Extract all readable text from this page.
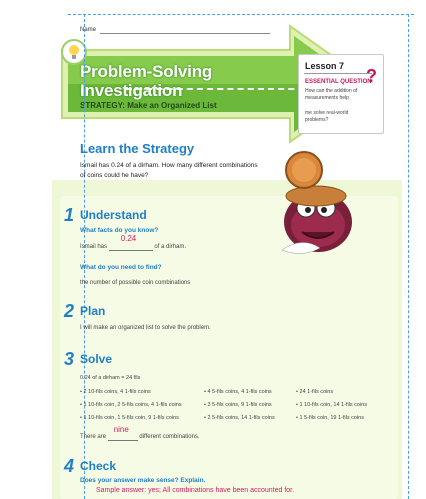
Name
Problem-Solving
Investigation
STRATEGY: Make an Organized List
Lesson 7
ESSENTIAL QUESTION
?
How can the addition of measurements help
me solve real-world problems?
Learn the Strategy
Ismail has 0.24 of a dirham. How many different combinations of coins could he have?
1 Understand
What facts do you know?
Ismail has
0.24
of a dirham.
What do you need to find?
the number of possible coin combinations
2 Plan
I will make an organized list to solve the problem.
3 Solve
0.24 of a dirham = 24 fils
• 2 10-fils coins, 4 1-fils coins	• 4 5-fils coins, 4 1-fils coins	• 24 1-fils coins
• 1 10-fils coin, 2 5-fils coins, 4 1-fils coins	• 3 5-fils coins, 9 1-fils coins	• 1 10-fils coin, 14 1-fils coins
• 1 10-fils coin, 1 5-fils coin, 9 1-fils coins	• 2 5-fils coins, 14 1-fils coins	• 1 5-fils coin, 19 1-fils coins
There are
nine
different combinations.
4 Check
Does your answer make sense? Explain.
Sample answer: yes; All combinations have been accounted for.
